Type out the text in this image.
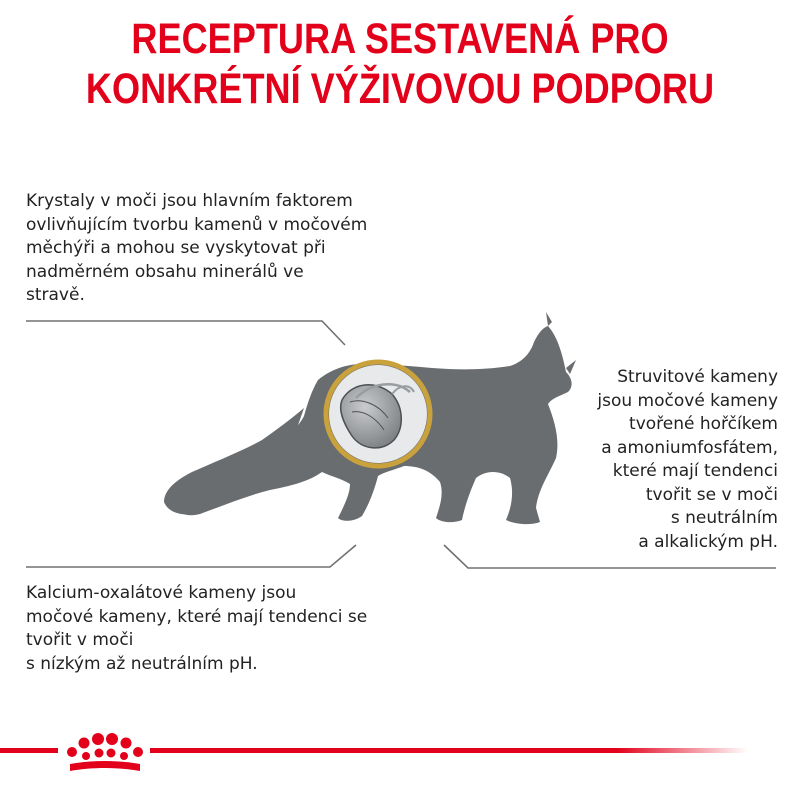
RECEPTURA SESTAVENÁ PRO
KONKRÉTNÍ VÝŽIVOVOU PODPORU

Krystaly v moči jsou hlavním faktorem
ovlivňujícím tvorbu kamenů v močovém
měchýři a mohou se vyskytovat při
nadměrném obsahu minerálů ve
stravě.

Struvitové kameny
jsou močové kameny
tvořené hořčíkem
a amoniumfosfátem,
které mají tendenci
tvořit se v moči
s neutrálním
a alkalickým pH.

Kalcium-oxalátové kameny jsou
močové kameny, které mají tendenci se
tvořit v moči
s nízkým až neutrálním pH.
